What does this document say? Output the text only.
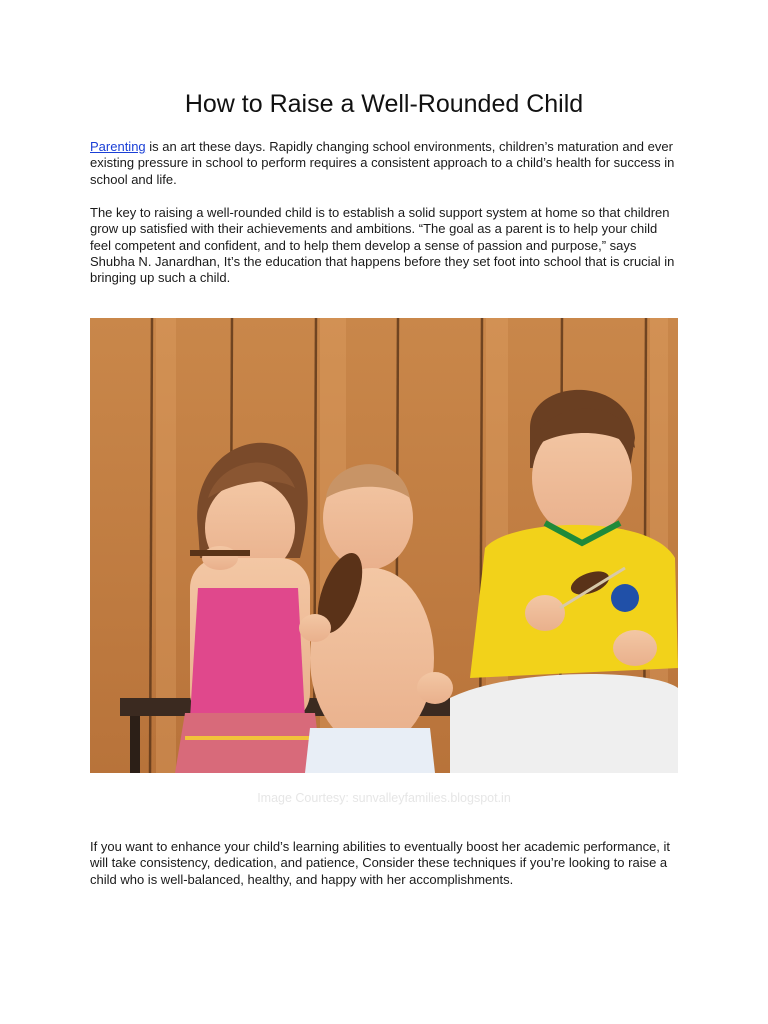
How to Raise a Well-Rounded Child

Parenting is an art these days. Rapidly changing school environments, children’s maturation and ever existing pressure in school to perform requires a consistent approach to a child’s health for success in school and life.

The key to raising a well-rounded child is to establish a solid support system at home so that children grow up satisfied with their achievements and ambitions. “The goal as a parent is to help your child feel competent and confident, and to help them develop a sense of passion and purpose,” says Shubha N. Janardhan, It’s the education that happens before they set foot into school that is crucial in bringing up such a child.

Image Courtesy: sunvalleyfamilies.blogspot.in

If you want to enhance your child’s learning abilities to eventually boost her academic performance, it will take consistency, dedication, and patience, Consider these techniques if you’re looking to raise a child who is well-balanced, healthy, and happy with her accomplishments.
